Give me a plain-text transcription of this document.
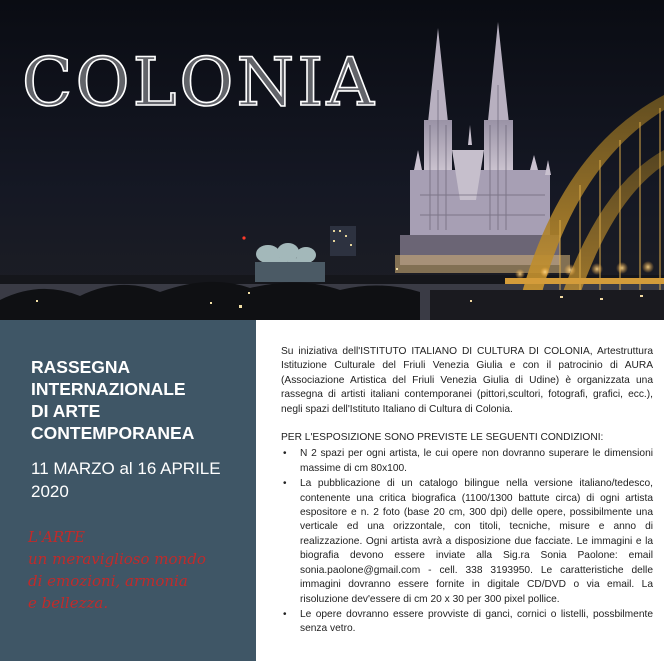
COLONIA
RASSEGNA
INTERNAZIONALE
DI ARTE
CONTEMPORANEA
11 MARZO al 16 APRILE
2020
L'ARTE
un meraviglioso mondo
di emozioni, armonia
e bellezza.

Su iniziativa dell'ISTITUTO ITALIANO DI CULTURA DI COLONIA, Artestruttura Istituzione Culturale del Friuli Venezia Giulia e con il patrocinio di AURA (Associazione Artistica del Friuli Venezia Giulia di Udine) è organizzata una rassegna di artisti italiani contemporanei (pittori,scultori, fotografi, grafici, ecc.), negli spazi dell'Istituto Italiano di Cultura di Colonia.

PER L'ESPOSIZIONE SONO PREVISTE LE SEGUENTI CONDIZIONI:

• N 2 spazi per ogni artista, le cui opere non dovranno superare le dimensioni massime di cm 80x100.
• La pubblicazione di un catalogo bilingue nella versione italiano/tedesco, contenente una critica biografica (1100/1300 battute circa) di ogni artista espositore e n. 2 foto (base 20 cm, 300 dpi) delle opere, possibilmente una verticale ed una orizzontale, con titoli, tecniche, misure e anno di realizzazione. Ogni artista avrà a disposizione due facciate. Le immagini e la biografia devono essere inviate alla Sig.ra Sonia Paolone: email sonia.paolone@gmail.com - cell. 338 3193950. Le caratteristiche delle immagini dovranno essere fornite in digitale CD/DVD o via email. La risoluzione dev'essere di cm 20 x 30 per 300 pixel pollice.
• Le opere dovranno essere provviste di ganci, cornici o listelli, possbilmente senza vetro.
